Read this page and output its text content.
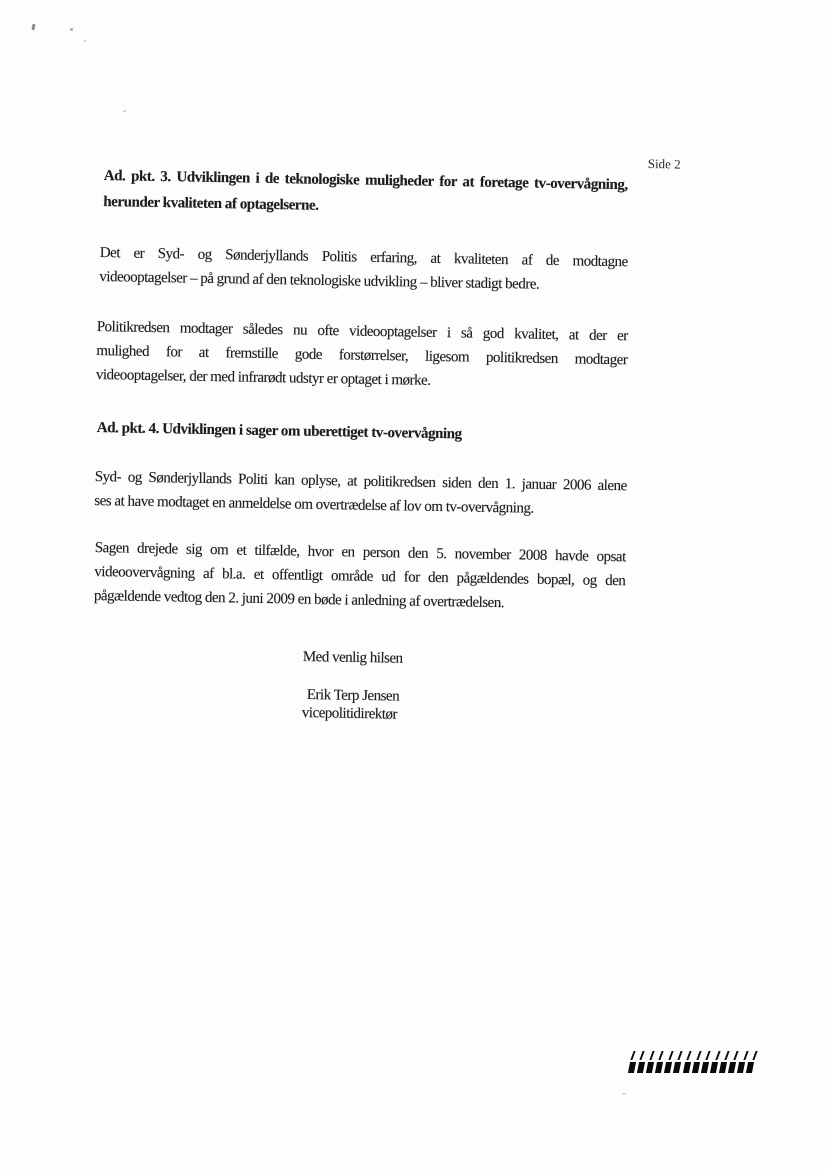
Side 2
Ad. pkt. 3. Udviklingen i de teknologiske muligheder for at foretage tv-overvågning,
herunder kvaliteten af optagelserne.
Det er Syd- og Sønderjyllands Politis erfaring, at kvaliteten af de modtagne
videooptagelser – på grund af den teknologiske udvikling – bliver stadigt bedre.
Politikredsen modtager således nu ofte videooptagelser i så god kvalitet, at der er
mulighed for at fremstille gode forstørrelser, ligesom politikredsen modtager
videooptagelser, der med infrarødt udstyr er optaget i mørke.
Ad. pkt. 4. Udviklingen i sager om uberettiget tv-overvågning
Syd- og Sønderjyllands Politi kan oplyse, at politikredsen siden den 1. januar 2006 alene
ses at have modtaget en anmeldelse om overtrædelse af lov om tv-overvågning.
Sagen drejede sig om et tilfælde, hvor en person den 5. november 2008 havde opsat
videoovervågning af bl.a. et offentligt område ud for den pågældendes bopæl, og den
pågældende vedtog den 2. juni 2009 en bøde i anledning af overtrædelsen.
Med venlig hilsen
Erik Terp Jensen
vicepolitidirektør
